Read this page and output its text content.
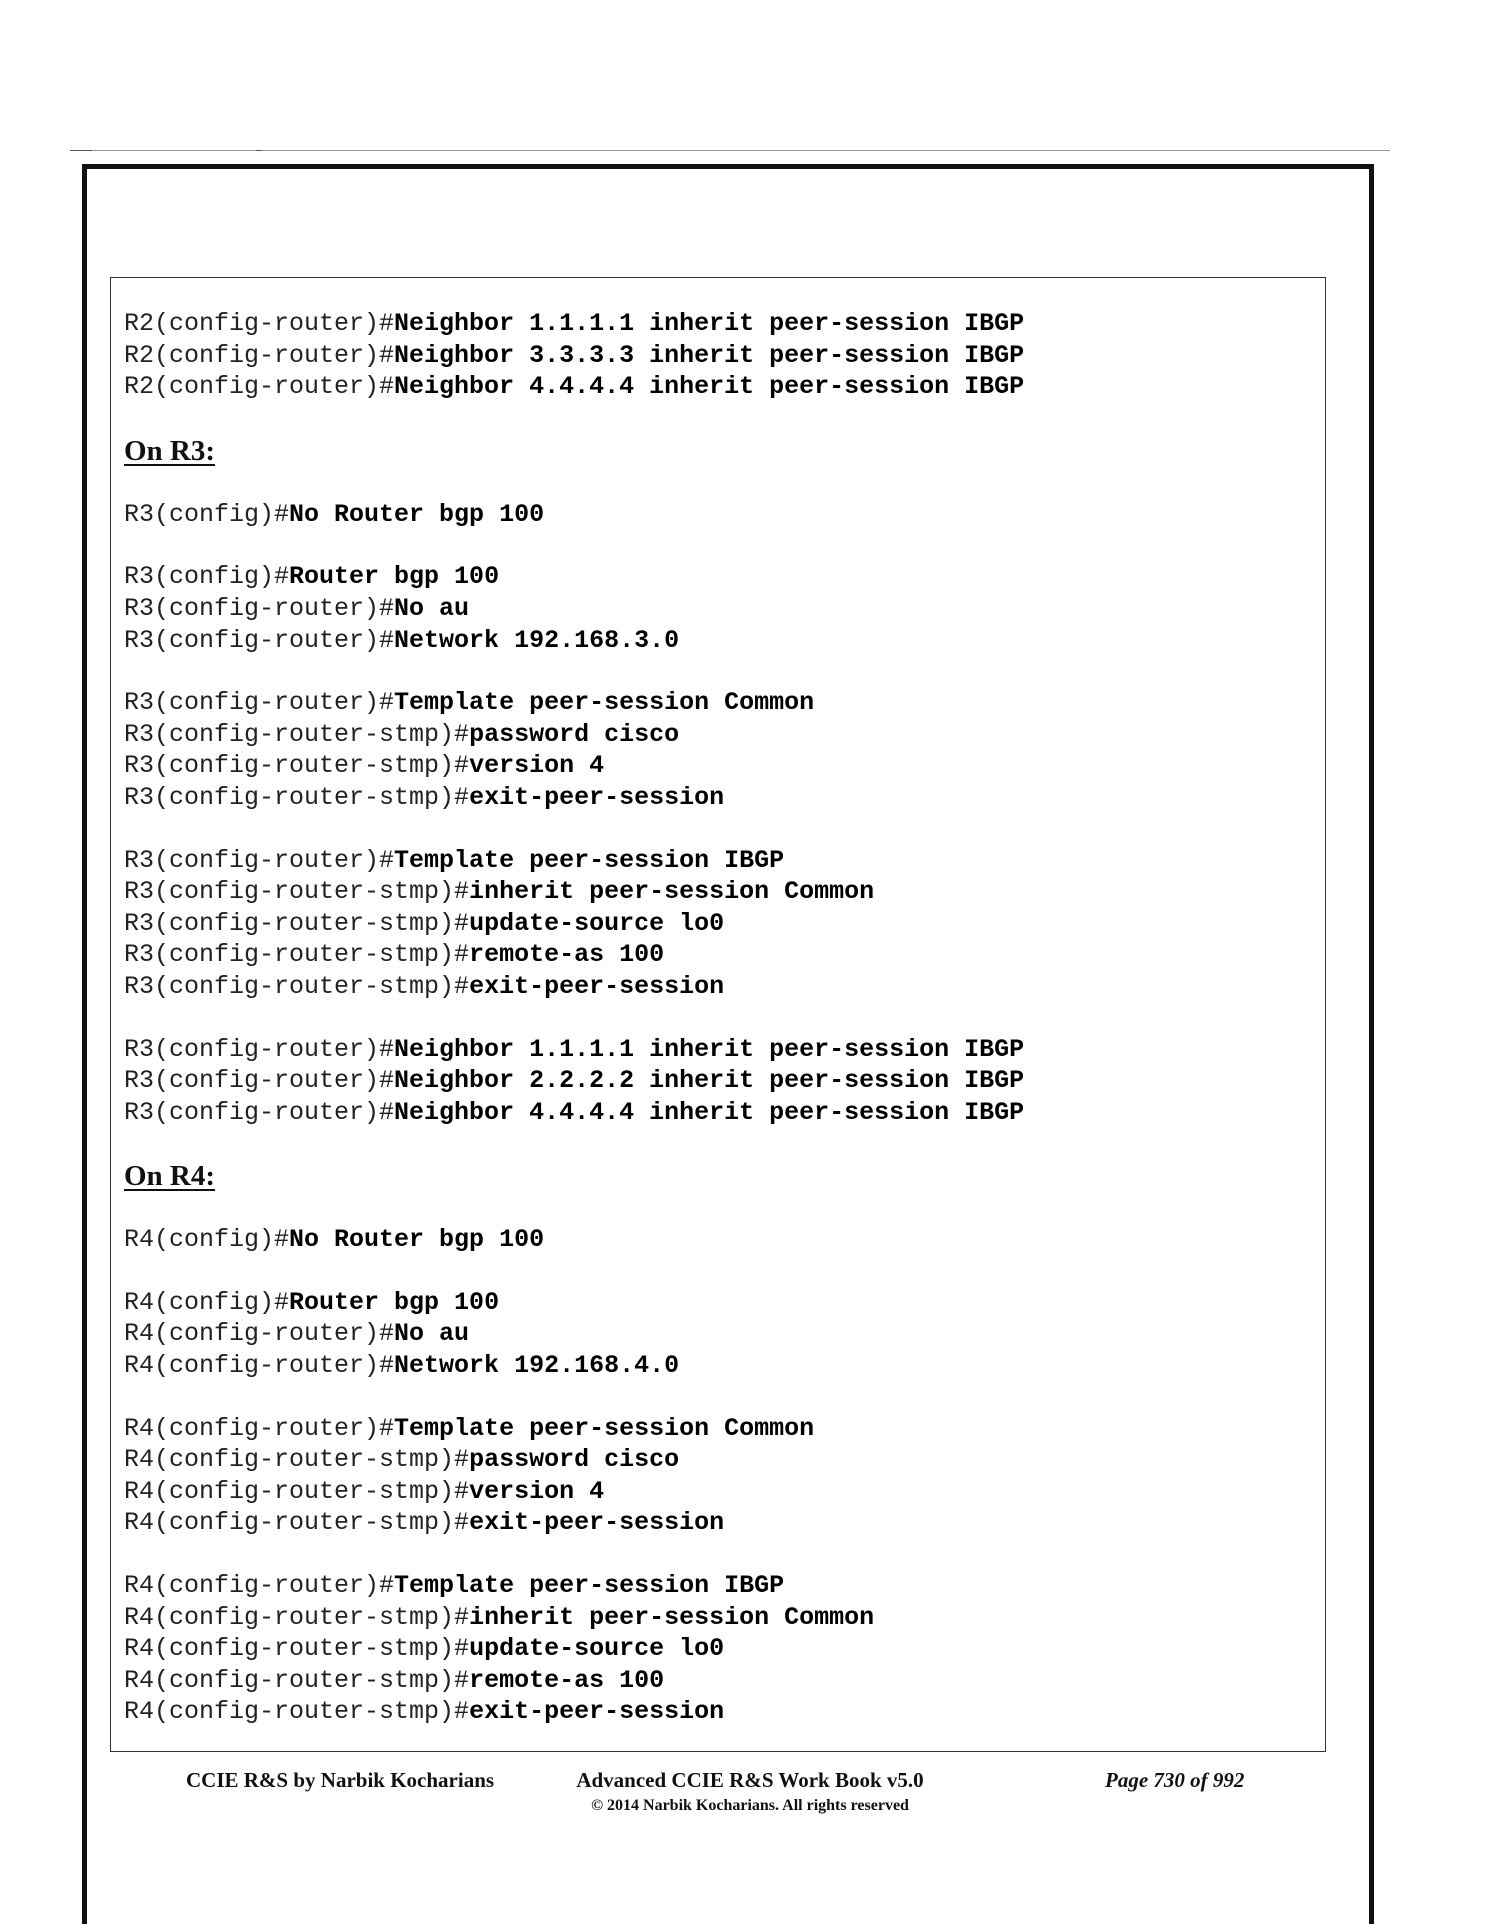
R2(config-router)#Neighbor 1.1.1.1 inherit peer-session IBGP
R2(config-router)#Neighbor 3.3.3.3 inherit peer-session IBGP
R2(config-router)#Neighbor 4.4.4.4 inherit peer-session IBGP
On R3:
R3(config)#No Router bgp 100
R3(config)#Router bgp 100
R3(config-router)#No au
R3(config-router)#Network 192.168.3.0
R3(config-router)#Template peer-session Common
R3(config-router-stmp)#password cisco
R3(config-router-stmp)#version 4
R3(config-router-stmp)#exit-peer-session
R3(config-router)#Template peer-session IBGP
R3(config-router-stmp)#inherit peer-session Common
R3(config-router-stmp)#update-source lo0
R3(config-router-stmp)#remote-as 100
R3(config-router-stmp)#exit-peer-session
R3(config-router)#Neighbor 1.1.1.1 inherit peer-session IBGP
R3(config-router)#Neighbor 2.2.2.2 inherit peer-session IBGP
R3(config-router)#Neighbor 4.4.4.4 inherit peer-session IBGP
On R4:
R4(config)#No Router bgp 100
R4(config)#Router bgp 100
R4(config-router)#No au
R4(config-router)#Network 192.168.4.0
R4(config-router)#Template peer-session Common
R4(config-router-stmp)#password cisco
R4(config-router-stmp)#version 4
R4(config-router-stmp)#exit-peer-session
R4(config-router)#Template peer-session IBGP
R4(config-router-stmp)#inherit peer-session Common
R4(config-router-stmp)#update-source lo0
R4(config-router-stmp)#remote-as 100
R4(config-router-stmp)#exit-peer-session
CCIE R&S by Narbik Kocharians	Advanced CCIE R&S Work Book v5.0
© 2014 Narbik Kocharians. All rights reserved
Page 730 of 992
